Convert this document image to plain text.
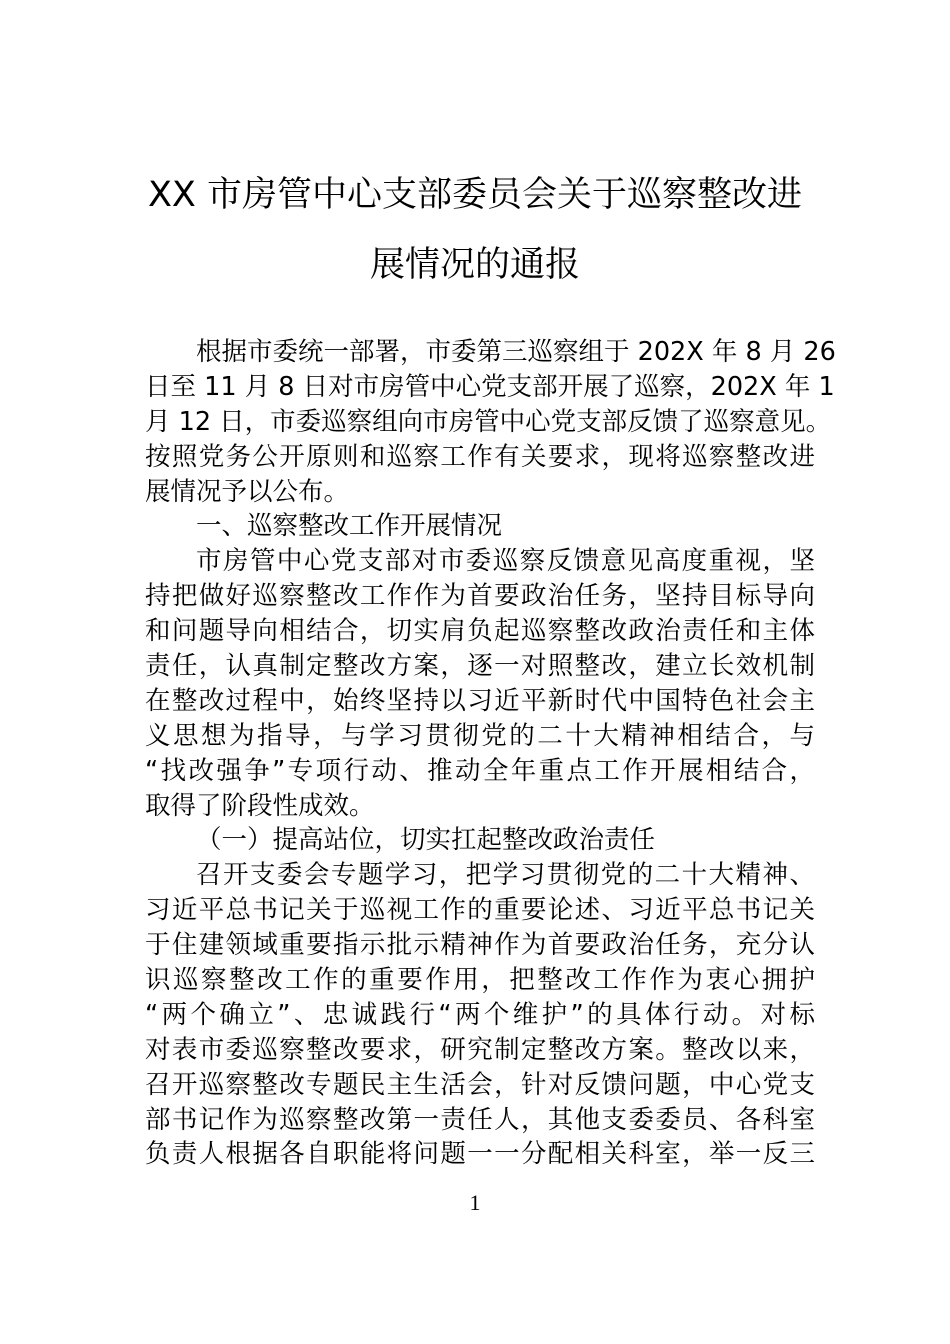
XX 市房管中心支部委员会关于巡察整改进
展情况的通报
根据市委统一部署，市委第三巡察组于 202X 年 8 月 26
日至 11 月 8 日对市房管中心党支部开展了巡察，202X 年 1
月 12 日，市委巡察组向市房管中心党支部反馈了巡察意见。
按照党务公开原则和巡察工作有关要求，现将巡察整改进
展情况予以公布。
一、巡察整改工作开展情况
市房管中心党支部对市委巡察反馈意见高度重视，坚
持把做好巡察整改工作作为首要政治任务，坚持目标导向
和问题导向相结合，切实肩负起巡察整改政治责任和主体
责任，认真制定整改方案，逐一对照整改，建立长效机制
在整改过程中，始终坚持以习近平新时代中国特色社会主
义思想为指导，与学习贯彻党的二十大精神相结合，与
“找改强争”专项行动、推动全年重点工作开展相结合，
取得了阶段性成效。
（一）提高站位，切实扛起整改政治责任
召开支委会专题学习，把学习贯彻党的二十大精神、
习近平总书记关于巡视工作的重要论述、习近平总书记关
于住建领域重要指示批示精神作为首要政治任务，充分认
识巡察整改工作的重要作用，把整改工作作为衷心拥护
“两个确立”、忠诚践行“两个维护”的具体行动。对标
对表市委巡察整改要求，研究制定整改方案。整改以来，
召开巡察整改专题民主生活会，针对反馈问题，中心党支
部书记作为巡察整改第一责任人，其他支委委员、各科室
负责人根据各自职能将问题一一分配相关科室，举一反三
1
